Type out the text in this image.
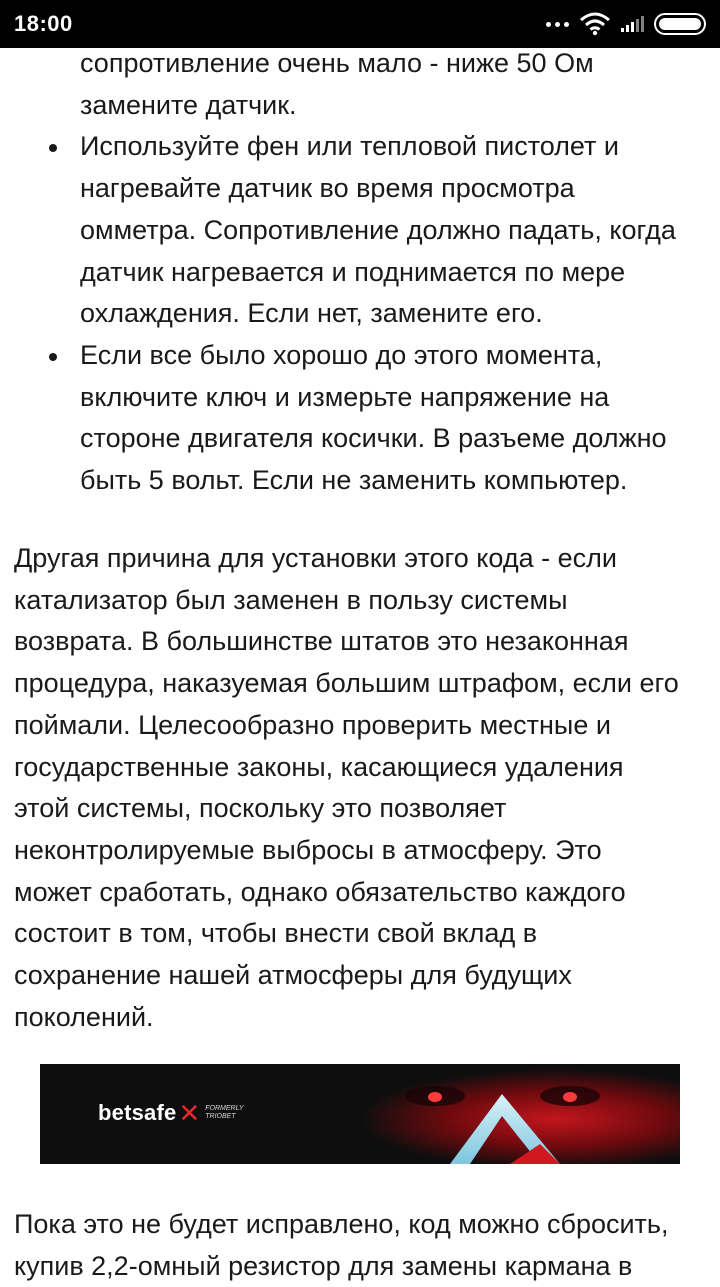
18:00
сопротивление очень мало - ниже 50 Ом
замените датчик.
Используйте фен или тепловой пистолет и
нагревайте датчик во время просмотра
омметра. Сопротивление должно падать, когда
датчик нагревается и поднимается по мере
охлаждения. Если нет, замените его.
Если все было хорошо до этого момента,
включите ключ и измерьте напряжение на
стороне двигателя косички. В разъеме должно
быть 5 вольт. Если не заменить компьютер.
Другая причина для установки этого кода - если
катализатор был заменен в пользу системы
возврата. В большинстве штатов это незаконная
процедура, наказуемая большим штрафом, если его
поймали. Целесообразно проверить местные и
государственные законы, касающиеся удаления
этой системы, поскольку это позволяет
неконтролируемые выбросы в атмосферу. Это
может сработать, однако обязательство каждого
состоит в том, чтобы внести свой вклад в
сохранение нашей атмосферы для будущих
поколений.
betsafe ✕ FORMERLY TRIOBET
Пока это не будет исправлено, код можно сбросить,
купив 2,2-омный резистор для замены кармана в
